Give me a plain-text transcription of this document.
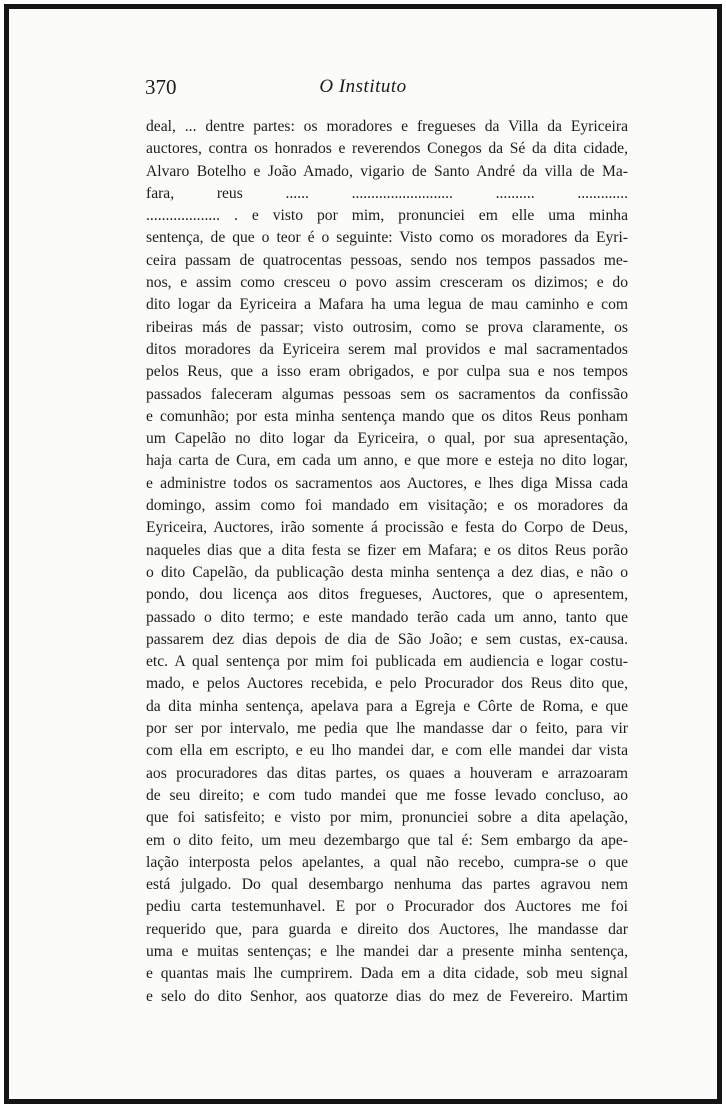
370	O Instituto
deal, ... dentre partes: os moradores e fregueses da Villa da Eyriceira
auctores, contra os honrados e reverendos Conegos da Sé da dita cidade,
Alvaro Botelho e João Amado, vigario de Santo André da villa de Ma-
fara, reus ...... .......................... .......... .............
................... . e visto por mim, pronunciei em elle uma minha
sentença, de que o teor é o seguinte: Visto como os moradores da Eyri-
ceira passam de quatrocentas pessoas, sendo nos tempos passados me-
nos, e assim como cresceu o povo assim cresceram os dizimos; e do
dito logar da Eyriceira a Mafara ha uma legua de mau caminho e com
ribeiras más de passar; visto outrosim, como se prova claramente, os
ditos moradores da Eyriceira serem mal providos e mal sacramentados
pelos Reus, que a isso eram obrigados, e por culpa sua e nos tempos
passados faleceram algumas pessoas sem os sacramentos da confissão
e comunhão; por esta minha sentença mando que os ditos Reus ponham
um Capelão no dito logar da Eyriceira, o qual, por sua apresentação,
haja carta de Cura, em cada um anno, e que more e esteja no dito logar,
e administre todos os sacramentos aos Auctores, e lhes diga Missa cada
domingo, assim como foi mandado em visitação; e os moradores da
Eyriceira, Auctores, irão somente á procissão e festa do Corpo de Deus,
naqueles dias que a dita festa se fizer em Mafara; e os ditos Reus porão
o dito Capelão, da publicação desta minha sentença a dez dias, e não o
pondo, dou licença aos ditos fregueses, Auctores, que o apresentem,
passado o dito termo; e este mandado terão cada um anno, tanto que
passarem dez dias depois de dia de São João; e sem custas, ex-causa.
etc. A qual sentença por mim foi publicada em audiencia e logar costu-
mado, e pelos Auctores recebida, e pelo Procurador dos Reus dito que,
da dita minha sentença, apelava para a Egreja e Côrte de Roma, e que
por ser por intervalo, me pedia que lhe mandasse dar o feito, para vir
com ella em escripto, e eu lho mandei dar, e com elle mandei dar vista
aos procuradores das ditas partes, os quaes a houveram e arrazoaram
de seu direito; e com tudo mandei que me fosse levado concluso, ao
que foi satisfeito; e visto por mim, pronunciei sobre a dita apelação,
em o dito feito, um meu dezembargo que tal é: Sem embargo da ape-
lação interposta pelos apelantes, a qual não recebo, cumpra-se o que
está julgado. Do qual desembargo nenhuma das partes agravou nem
pediu carta testemunhavel. E por o Procurador dos Auctores me foi
requerido que, para guarda e direito dos Auctores, lhe mandasse dar
uma e muitas sentenças; e lhe mandei dar a presente minha sentença,
e quantas mais lhe cumprirem. Dada em a dita cidade, sob meu signal
e selo do dito Senhor, aos quatorze dias do mez de Fevereiro. Martim
